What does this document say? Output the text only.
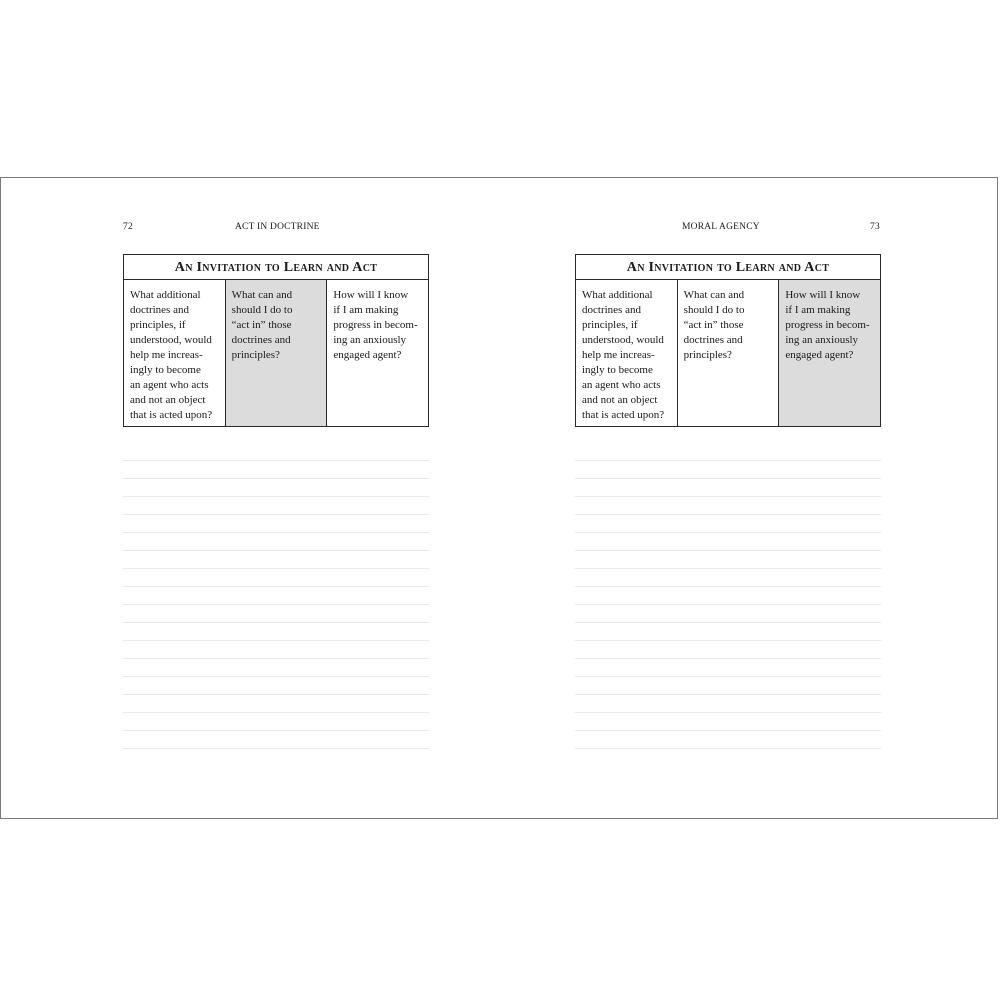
72	ACT IN DOCTRINE
An Invitation to Learn and Act
What additional
doctrines and
principles, if
understood, would
help me increas-
ingly to become
an agent who acts
and not an object
that is acted upon?
What can and
should I do to
“act in” those
doctrines and
principles?
How will I know
if I am making
progress in becom-
ing an anxiously
engaged agent?
MORAL AGENCY	73
An Invitation to Learn and Act
What additional
doctrines and
principles, if
understood, would
help me increas-
ingly to become
an agent who acts
and not an object
that is acted upon?
What can and
should I do to
“act in” those
doctrines and
principles?
How will I know
if I am making
progress in becom-
ing an anxiously
engaged agent?
